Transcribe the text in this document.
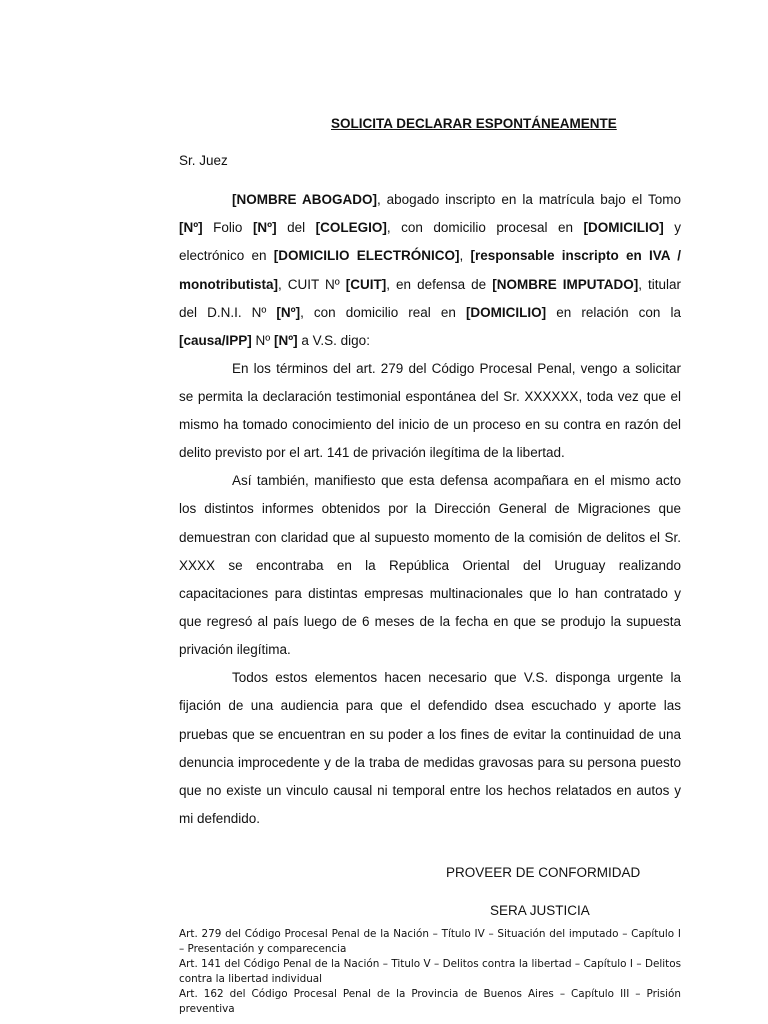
SOLICITA DECLARAR ESPONTÁNEAMENTE
Sr. Juez

[NOMBRE ABOGADO], abogado inscripto en la matrícula bajo el Tomo [Nº] Folio [Nº] del [COLEGIO], con domicilio procesal en [DOMICILIO] y electrónico en [DOMICILIO ELECTRÓNICO], [responsable inscripto en IVA / monotributista], CUIT Nº [CUIT], en defensa de [NOMBRE IMPUTADO], titular del D.N.I. Nº [Nº], con domicilio real en [DOMICILIO] en relación con la [causa/IPP] Nº [Nº] a V.S. digo:

En los términos del art. 279 del Código Procesal Penal, vengo a solicitar se permita la declaración testimonial espontánea del Sr. XXXXXX, toda vez que el mismo ha tomado conocimiento del inicio de un proceso en su contra en razón del delito previsto por el art. 141 de privación ilegítima de la libertad.

Así también, manifiesto que esta defensa acompañara en el mismo acto los distintos informes obtenidos por la Dirección General de Migraciones que demuestran con claridad que al supuesto momento de la comisión de delitos el Sr. XXXX se encontraba en la República Oriental del Uruguay realizando capacitaciones para distintas empresas multinacionales que lo han contratado y que regresó al país luego de 6 meses de la fecha en que se produjo la supuesta privación ilegítima.

Todos estos elementos hacen necesario que V.S. disponga urgente la fijación de una audiencia para que el defendido dsea escuchado y aporte las pruebas que se encuentran en su poder a los fines de evitar la continuidad de una denuncia improcedente y de la traba de medidas gravosas para su persona puesto que no existe un vinculo causal ni temporal entre los hechos relatados en autos y mi defendido.

PROVEER DE CONFORMIDAD
SERA JUSTICIA

Art. 279 del Código Procesal Penal de la Nación – Título IV – Situación del imputado – Capítulo I – Presentación y comparecencia

Art. 141 del Código Penal de la Nación – Titulo V – Delitos contra la libertad – Capítulo I – Delitos contra la libertad individual

Art. 162 del Código Procesal Penal de la Provincia de Buenos Aires – Capítulo III – Prisión preventiva
